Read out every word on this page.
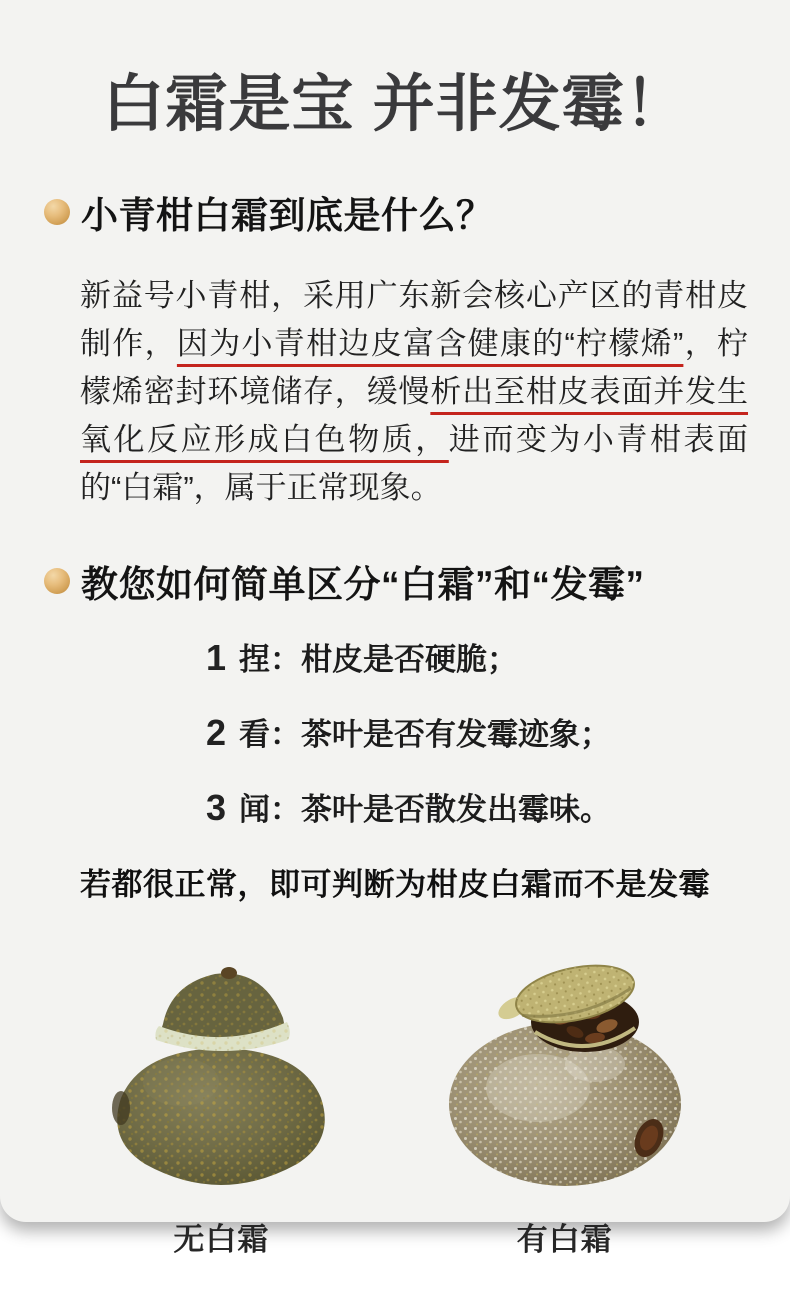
白霜是宝 并非发霉！
小青柑白霜到底是什么？

新益号小青柑，采用广东新会核心产区的青柑皮制作，因为小青柑边皮富含健康的“柠檬烯”，柠檬烯密封环境储存，缓慢析出至柑皮表面并发生氧化反应形成白色物质，进而变为小青柑表面的“白霜”，属于正常现象。

教您如何简单区分“白霜”和“发霉”
1 捏：柑皮是否硬脆；
2 看：茶叶是否有发霉迹象；
3 闻：茶叶是否散发出霉味。

若都很正常，即可判断为柑皮白霜而不是发霉

无白霜	有白霜
